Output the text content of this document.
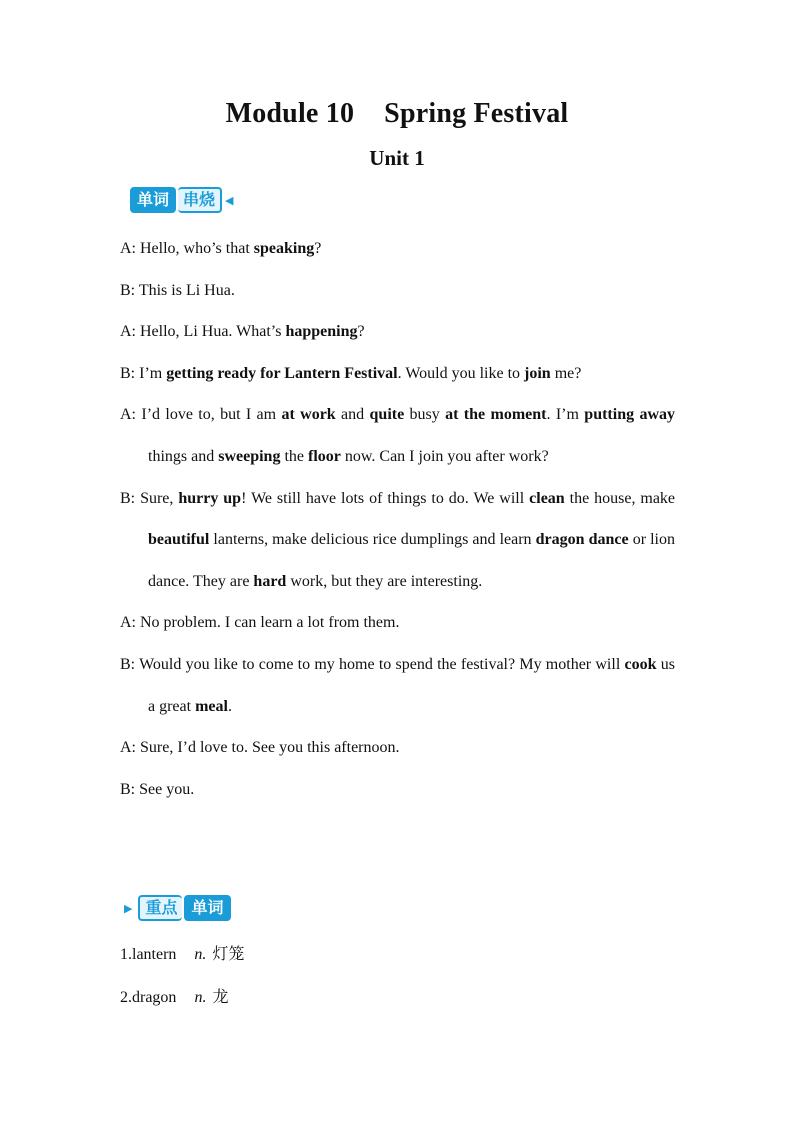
Module 10 Spring Festival
Unit 1
单词 串烧 ◀

A: Hello, who’s that speaking?

B: This is Li Hua.

A: Hello, Li Hua. What’s happening?

B: I’m getting ready for Lantern Festival. Would you like to join me?

A: I’d love to, but I am at work and quite busy at the moment. I’m putting away things and sweeping the floor now. Can I join you after work?

B: Sure, hurry up! We still have lots of things to do. We will clean the house, make beautiful lanterns, make delicious rice dumplings and learn dragon dance or lion dance. They are hard work, but they are interesting.

A: No problem. I can learn a lot from them.

B: Would you like to come to my home to spend the festival? My mother will cook us a great meal.

A: Sure, I’d love to. See you this afternoon.

B: See you.

▶ 重点 单词
1.lantern n. 灯笼
2.dragon n. 龙
